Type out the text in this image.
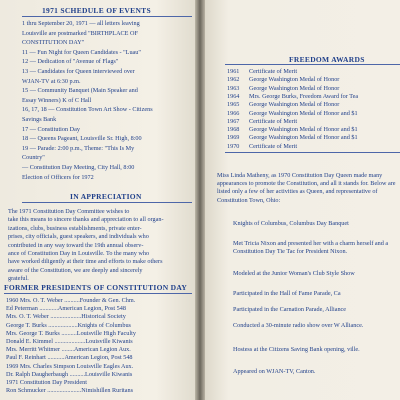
1971 SCHEDULE OF EVENTS
1 thru September 20, 1971 — all letters leaving
Louisville are postmarked "BIRTHPLACE OF
CONSTITUTION DAY"
11 — Fun Night for Queen Candidates - "Luau"
12 — Dedication of "Avenue of Flags"
13 — Candidates for Queen interviewed over
WJAN-TV at 6:30 p.m.
15 — Community Banquet (Main Speaker and
Essay Winners) K of C Hall
16, 17, 18 — Constitution Town Art Show - Citizens
Savings Bank
17 — Constitution Day
18 — Queens Pageant, Louisville Sr. High, 8:00
19 — Parade: 2:00 p.m., Theme: "This Is My
Country"
— Constitution Day Meeting, City Hall, 8:00
Election of Officers for 1972
IN APPRECIATION
The 1971 Constitution Day Committee wishes to
take this means to sincere thanks and appreciation to all organ-
izations, clubs, business establishments, private enter-
prises, city officials, guest speakers, and individuals who
contributed in any way toward the 19th annual observ-
ance of Constitution Day in Louisville. To the many who
have worked diligently at their time and efforts to make others
aware of the Constitution, we are deeply and sincerely
grateful.
FORMER PRESIDENTS OF CONSTITUTION DAY
1960 Mrs. O. T. Weber ..........Founder & Gen. Chm.
Ed Peterman ............American Legion, Post 548
Mrs. O. T. Weber ....................Historical Society
George T. Burks ...................Knights of Columbus
Mrs. George T. Burks ..........Louisville High Faculty
Donald E. Kimmel ....................Louisville Kiwanis
Mrs. Merritt Whitmer ........American Legion Aux.
Paul F. Reinhart ...........American Legion, Post 548
1969 Mrs. Charles Simpson Louisville Eagles Aux.
Dr. Ralph Daugherbaugh ..........Louisville Kiwanis
1971 Constitution Day President
Ron Schmucker ......................Nimishillen Ruritans
FREEDOM AWARDS
1961 Certificate of Merit
1962 George Washington Medal of Honor
1963 George Washington Medal of Honor
1964 Mrs. George Burks, Freedom Award for Tea
1965 George Washington Medal of Honor
1966 George Washington Medal of Honor and $1
1967 Certificate of Merit
1968 George Washington Medal of Honor and $1
1969 George Washington Medal of Honor and $1
1970 Certificate of Merit
Miss Linda Matheny, as 1970 Constitution Day Queen made many appearances to promote the Constitution, and all it stands for. Below are listed only a few of her activities as Queen, and representative of Constitution Town, Ohio:
Knights of Columbus, Columbus Day Banquet
Met Tricia Nixon and presented her with a charm herself and a Constitution Day Tie Tac for President Nixon.
Modeled at the Junior Woman's Club Style Show
Participated in the Hall of Fame Parade, Ca
Participated in the Carnation Parade, Alliance
Conducted a 30-minute radio show over W Alliance.
Hostess at the Citizens Saving Bank opening, ville.
Appeared on WJAN-TV, Canton.
